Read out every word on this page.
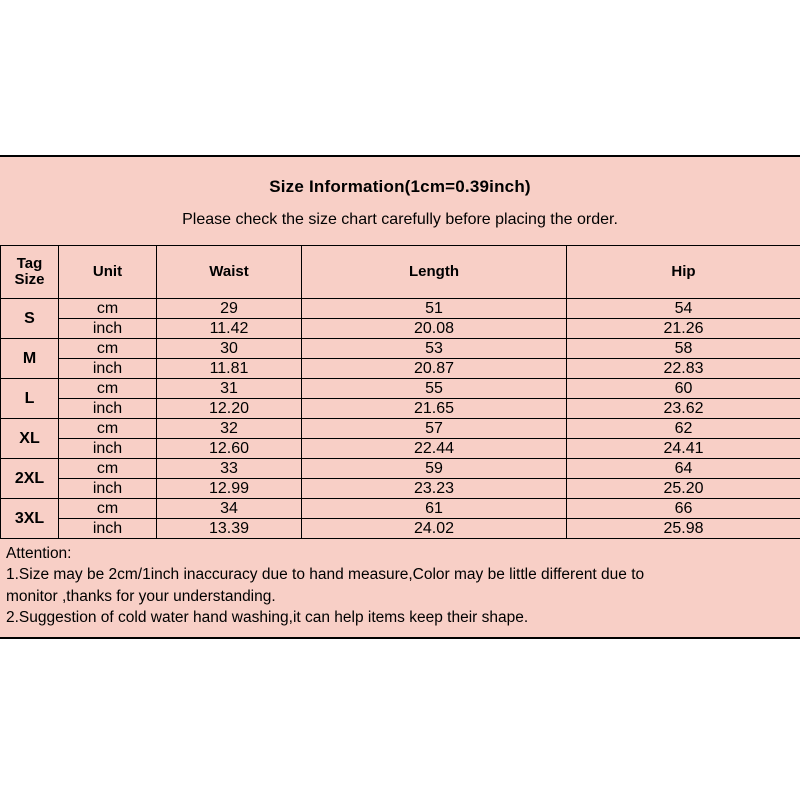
Size Information(1cm=0.39inch)
Please check the size chart carefully before placing the order.
Tag
Size	Unit	Waist	Length	Hip
S	cm	29	51	54
	inch	11.42	20.08	21.26
M	cm	30	53	58
	inch	11.81	20.87	22.83
L	cm	31	55	60
	inch	12.20	21.65	23.62
XL	cm	32	57	62
	inch	12.60	22.44	24.41
2XL	cm	33	59	64
	inch	12.99	23.23	25.20
3XL	cm	34	61	66
	inch	13.39	24.02	25.98
Attention:
1.Size may be 2cm/1inch inaccuracy due to hand measure,Color may be little different due to
monitor ,thanks for your understanding.
2.Suggestion of cold water hand washing,it can help items keep their shape.
